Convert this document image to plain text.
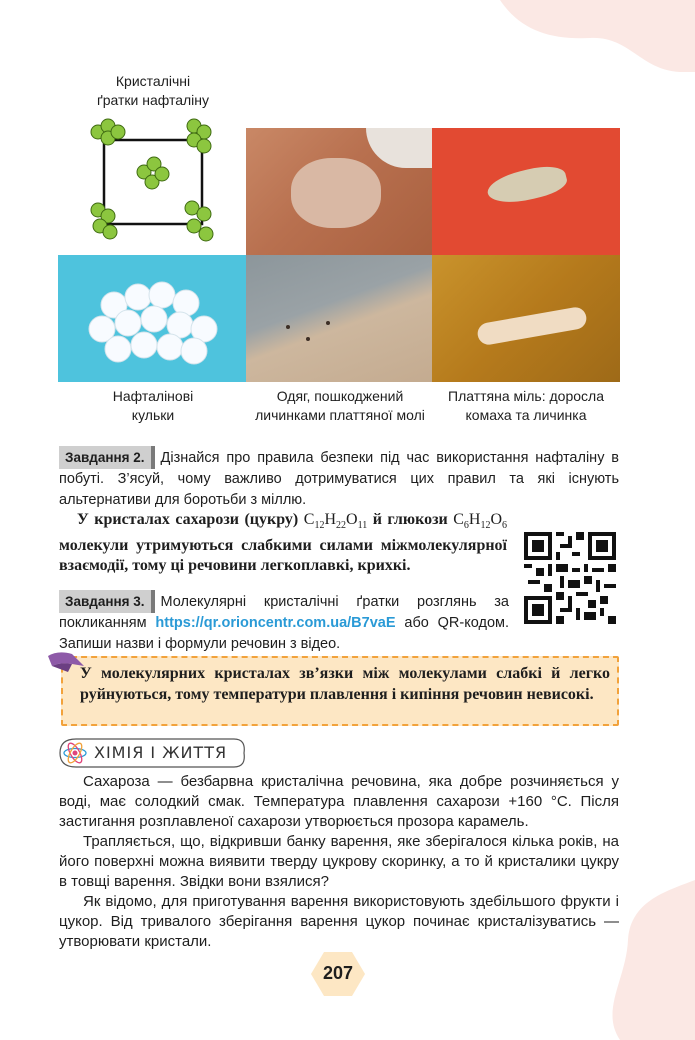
Кристалічні
ґратки нафталіну
Нафталінові
кульки
Одяг, пошкоджений
личинками платтяної молі
Платтяна міль: доросла
комаха та личинка
Завдання 2. Дізнайся про правила безпеки під час використання нафталіну в побуті. З’ясуй, чому важливо дотримуватися цих правил та які існують альтернативи для боротьби з міллю.
У кристалах сахарози (цукру) $C_{12}H_{22}O_{11}$ й глюкози $C_6H_{12}O_6$ молекули утримуються слабкими силами міжмолекулярної взаємодії, тому ці речовини легкоплавкі, крихкі.
Завдання 3. Молекулярні кристалічні ґратки розглянь за покликанням https://qr.orioncentr.com.ua/B7vaE або QR-кодом. Запиши назви і формули речовин з відео.
У молекулярних кристалах зв’язки між молекулами слабкі й легко руйнуються, тому температури плавлення і кипіння речовин невисокі.
ХІМІЯ І ЖИТТЯ
Сахароза — безбарвна кристалічна речовина, яка добре розчиняється у воді, має солодкий смак. Температура плавлення сахарози +160 °С. Після застигання розплавленої сахарози утворюється прозора карамель.
Трапляється, що, відкривши банку варення, яке зберігалося кілька років, на його поверхні можна виявити тверду цукрову скоринку, а то й кристалики цукру в товщі варення. Звідки вони взялися?
Як відомо, для приготування варення використовують здебільшого фрукти і цукор. Від тривалого зберігання варення цукор починає кристалізуватись — утворювати кристали.
207
